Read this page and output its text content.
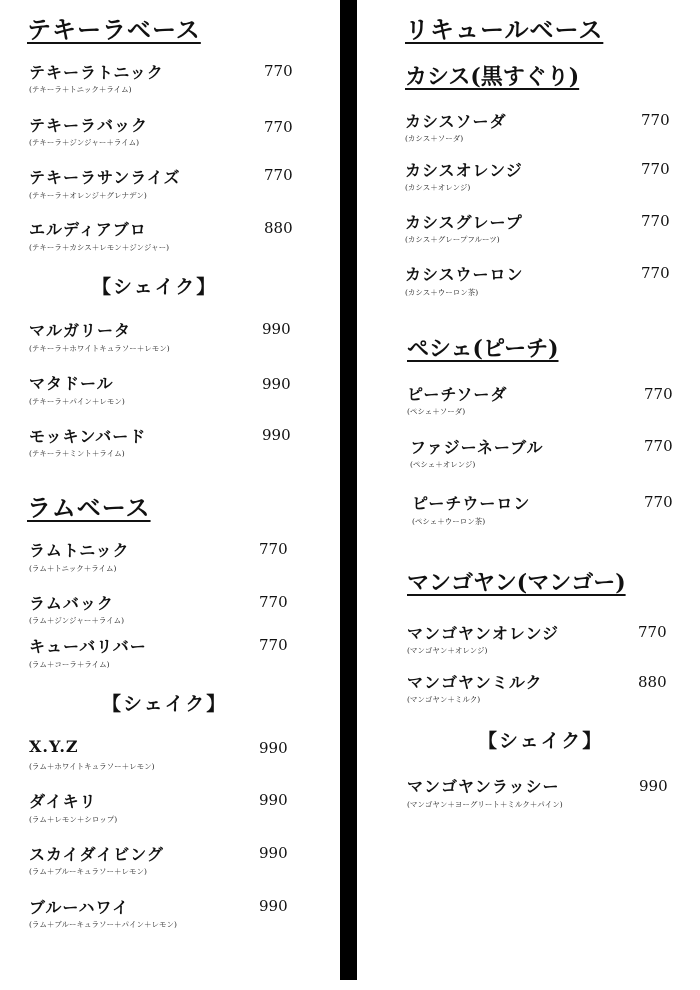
テキーラベース
テキーラトニック
(テキーラ＋トニック＋ライム)
770
テキーラバック
(テキーラ＋ジンジャー＋ライム)
770
テキーラサンライズ
(テキーラ＋オレンジ＋グレナデン)
770
エルディアブロ
(テキーラ＋カシス＋レモン＋ジンジャー)
880
【シェイク】
マルガリータ
(テキーラ＋ホワイトキュラソー＋レモン)
990
マタドール
(テキーラ＋パイン＋レモン)
990
モッキンバード
(テキーラ＋ミント＋ライム)
990
ラムベース
ラムトニック
(ラム＋トニック＋ライム)
770
ラムバック
(ラム＋ジンジャー＋ライム)
770
キューバリバー
(ラム＋コーラ＋ライム)
770
【シェイク】
X.Y.Z
(ラム＋ホワイトキュラソー＋レモン)
990
ダイキリ
(ラム＋レモン＋シロップ)
990
スカイダイビング
(ラム＋ブルーキュラソー＋レモン)
990
ブルーハワイ
(ラム＋ブルーキュラソー＋パイン＋レモン)
990
リキュールベース
カシス(黒すぐり)
カシスソーダ
(カシス＋ソーダ)
770
カシスオレンジ
(カシス＋オレンジ)
770
カシスグレープ
(カシス＋グレープフルーツ)
770
カシスウーロン
(カシス＋ウーロン茶)
770
ペシェ(ピーチ)
ピーチソーダ
(ペシェ＋ソーダ)
770
ファジーネーブル
(ペシェ＋オレンジ)
770
ピーチウーロン
(ペシェ＋ウーロン茶)
770
マンゴヤン(マンゴー)
マンゴヤンオレンジ
(マンゴヤン＋オレンジ)
770
マンゴヤンミルク
(マンゴヤン＋ミルク)
880
【シェイク】
マンゴヤンラッシー
(マンゴヤン＋ヨーグリート＋ミルク＋パイン)
990
